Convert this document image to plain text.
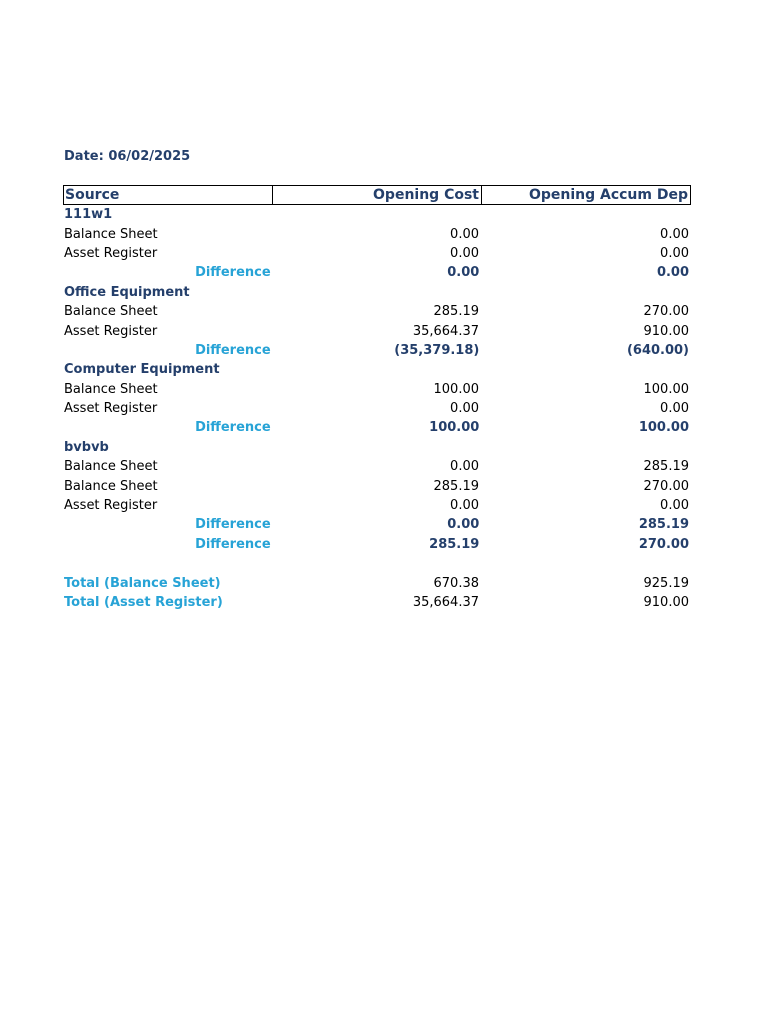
Date: 06/02/2025
Source	Opening Cost	Opening Accum Dep
111w1
Balance Sheet	0.00	0.00
Asset Register	0.00	0.00
Difference	0.00	0.00
Office Equipment
Balance Sheet	285.19	270.00
Asset Register	35,664.37	910.00
Difference	(35,379.18)	(640.00)
Computer Equipment
Balance Sheet	100.00	100.00
Asset Register	0.00	0.00
Difference	100.00	100.00
bvbvb
Balance Sheet	0.00	285.19
Balance Sheet	285.19	270.00
Asset Register	0.00	0.00
Difference	0.00	285.19
Difference	285.19	270.00
Total (Balance Sheet)	670.38	925.19
Total (Asset Register)	35,664.37	910.00
